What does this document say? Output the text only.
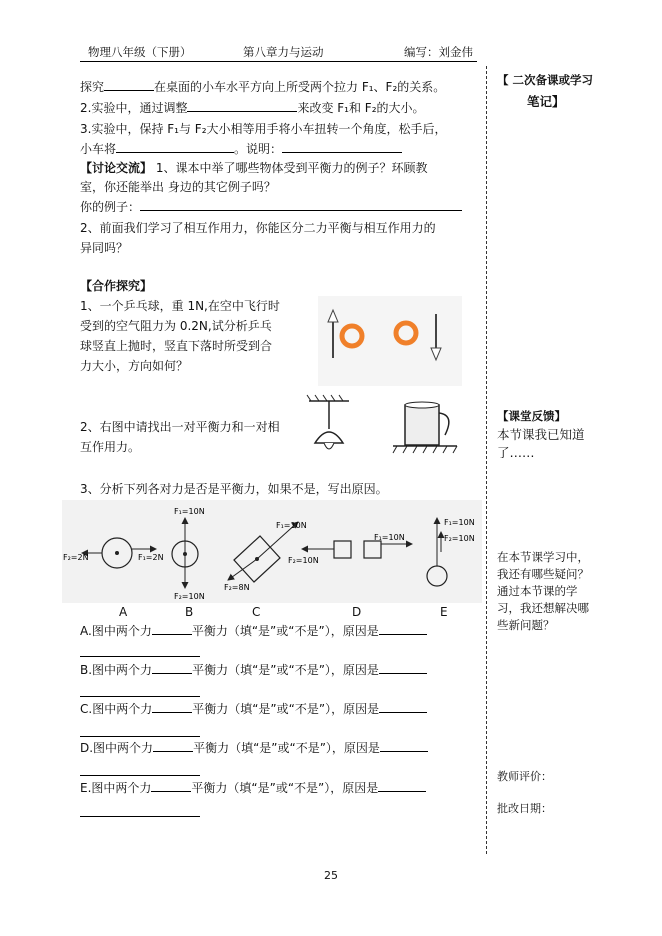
物理八年级（下册）	第八章力与运动	编写：刘金伟
【 二次备课或学习
笔记】
【课堂反馈】
本节课我已知道
了……
在本节课学习中，
我还有哪些疑问？
通过本节课的学
习，我还想解决哪
些新问题？
教师评价：
批改日期：
探究	在桌面的小车水平方向上所受两个拉力 F₁、F₂的关系。
2.实验中，通过调整	来改变 F₁和 F₂的大小。
3.实验中，保持 F₁与 F₂大小相等用手将小车扭转一个角度，松手后，
小车将	。说明：
【讨论交流】 1、课本中举了哪些物体受到平衡力的例子？环顾教
室，你还能举出 身边的其它例子吗？
你的例子：
2、前面我们学习了相互作用力，你能区分二力平衡与相互作用力的
异同吗？
【合作探究】
1、一个乒乓球，重 1N,在空中飞行时
受到的空气阻力为 0.2N,试分析乒乓
球竖直上抛时，竖直下落时所受到合
力大小，方向如何？
2、右图中请找出一对平衡力和一对相
互作用力。
3、分析下列各对力是否是平衡力，如果不是，写出原因。
F₂=2N	F₁=2N
F₁=10N
F₂=10N
F₁=10N
F₂=8N
F₂=10N
F₁=10N
F₁=10N
F₂=10N
A	B	C	D	E
A.图中两个力	平衡力（填“是”或“不是”），原因是
B.图中两个力	平衡力（填“是”或“不是”），原因是
C.图中两个力	平衡力（填“是”或“不是”），原因是
D.图中两个力	平衡力（填“是”或“不是”），原因是
E.图中两个力	平衡力（填“是”或“不是”），原因是
25
